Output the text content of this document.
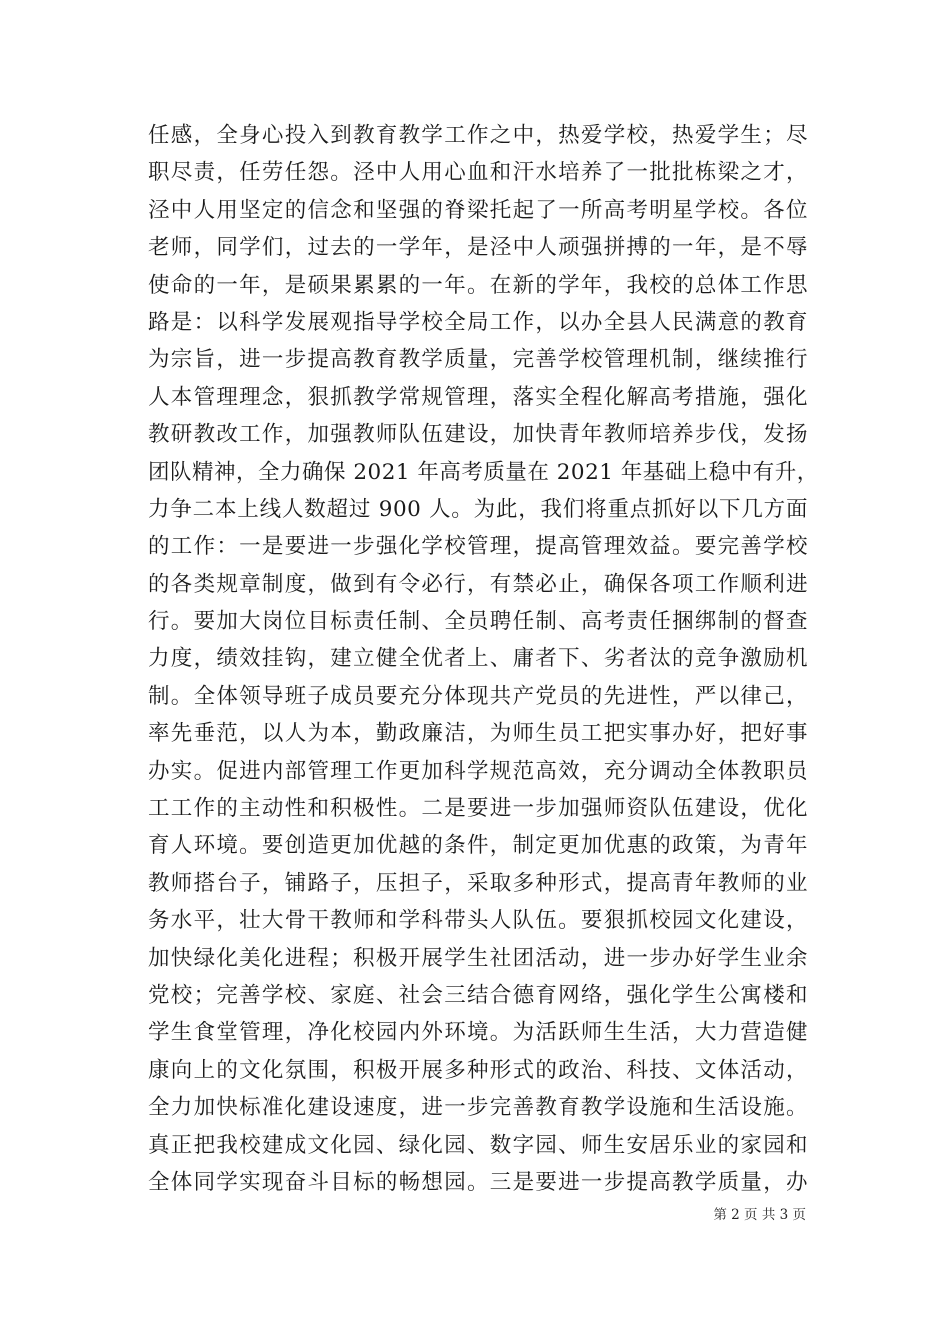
任感，全身心投入到教育教学工作之中，热爱学校，热爱学生；尽
职尽责，任劳任怨。泾中人用心血和汗水培养了一批批栋梁之才，
泾中人用坚定的信念和坚强的脊梁托起了一所高考明星学校。各位
老师，同学们，过去的一学年，是泾中人顽强拼搏的一年，是不辱
使命的一年，是硕果累累的一年。在新的学年，我校的总体工作思
路是：以科学发展观指导学校全局工作，以办全县人民满意的教育
为宗旨，进一步提高教育教学质量，完善学校管理机制，继续推行
人本管理理念，狠抓教学常规管理，落实全程化解高考措施，强化
教研教改工作，加强教师队伍建设，加快青年教师培养步伐，发扬
团队精神，全力确保 2021 年高考质量在 2021 年基础上稳中有升，
力争二本上线人数超过 900 人。为此，我们将重点抓好以下几方面
的工作：一是要进一步强化学校管理，提高管理效益。要完善学校
的各类规章制度，做到有令必行，有禁必止，确保各项工作顺利进
行。要加大岗位目标责任制、全员聘任制、高考责任捆绑制的督查
力度，绩效挂钩，建立健全优者上、庸者下、劣者汰的竞争激励机
制。全体领导班子成员要充分体现共产党员的先进性，严以律己，
率先垂范，以人为本，勤政廉洁，为师生员工把实事办好，把好事
办实。促进内部管理工作更加科学规范高效，充分调动全体教职员
工工作的主动性和积极性。二是要进一步加强师资队伍建设，优化
育人环境。要创造更加优越的条件，制定更加优惠的政策，为青年
教师搭台子，铺路子，压担子，采取多种形式，提高青年教师的业
务水平，壮大骨干教师和学科带头人队伍。要狠抓校园文化建设，
加快绿化美化进程；积极开展学生社团活动，进一步办好学生业余
党校；完善学校、家庭、社会三结合德育网络，强化学生公寓楼和
学生食堂管理，净化校园内外环境。为活跃师生生活，大力营造健
康向上的文化氛围，积极开展多种形式的政治、科技、文体活动，
全力加快标准化建设速度，进一步完善教育教学设施和生活设施。
真正把我校建成文化园、绿化园、数字园、师生安居乐业的家园和
全体同学实现奋斗目标的畅想园。三是要进一步提高教学质量，办
第 2 页 共 3 页
